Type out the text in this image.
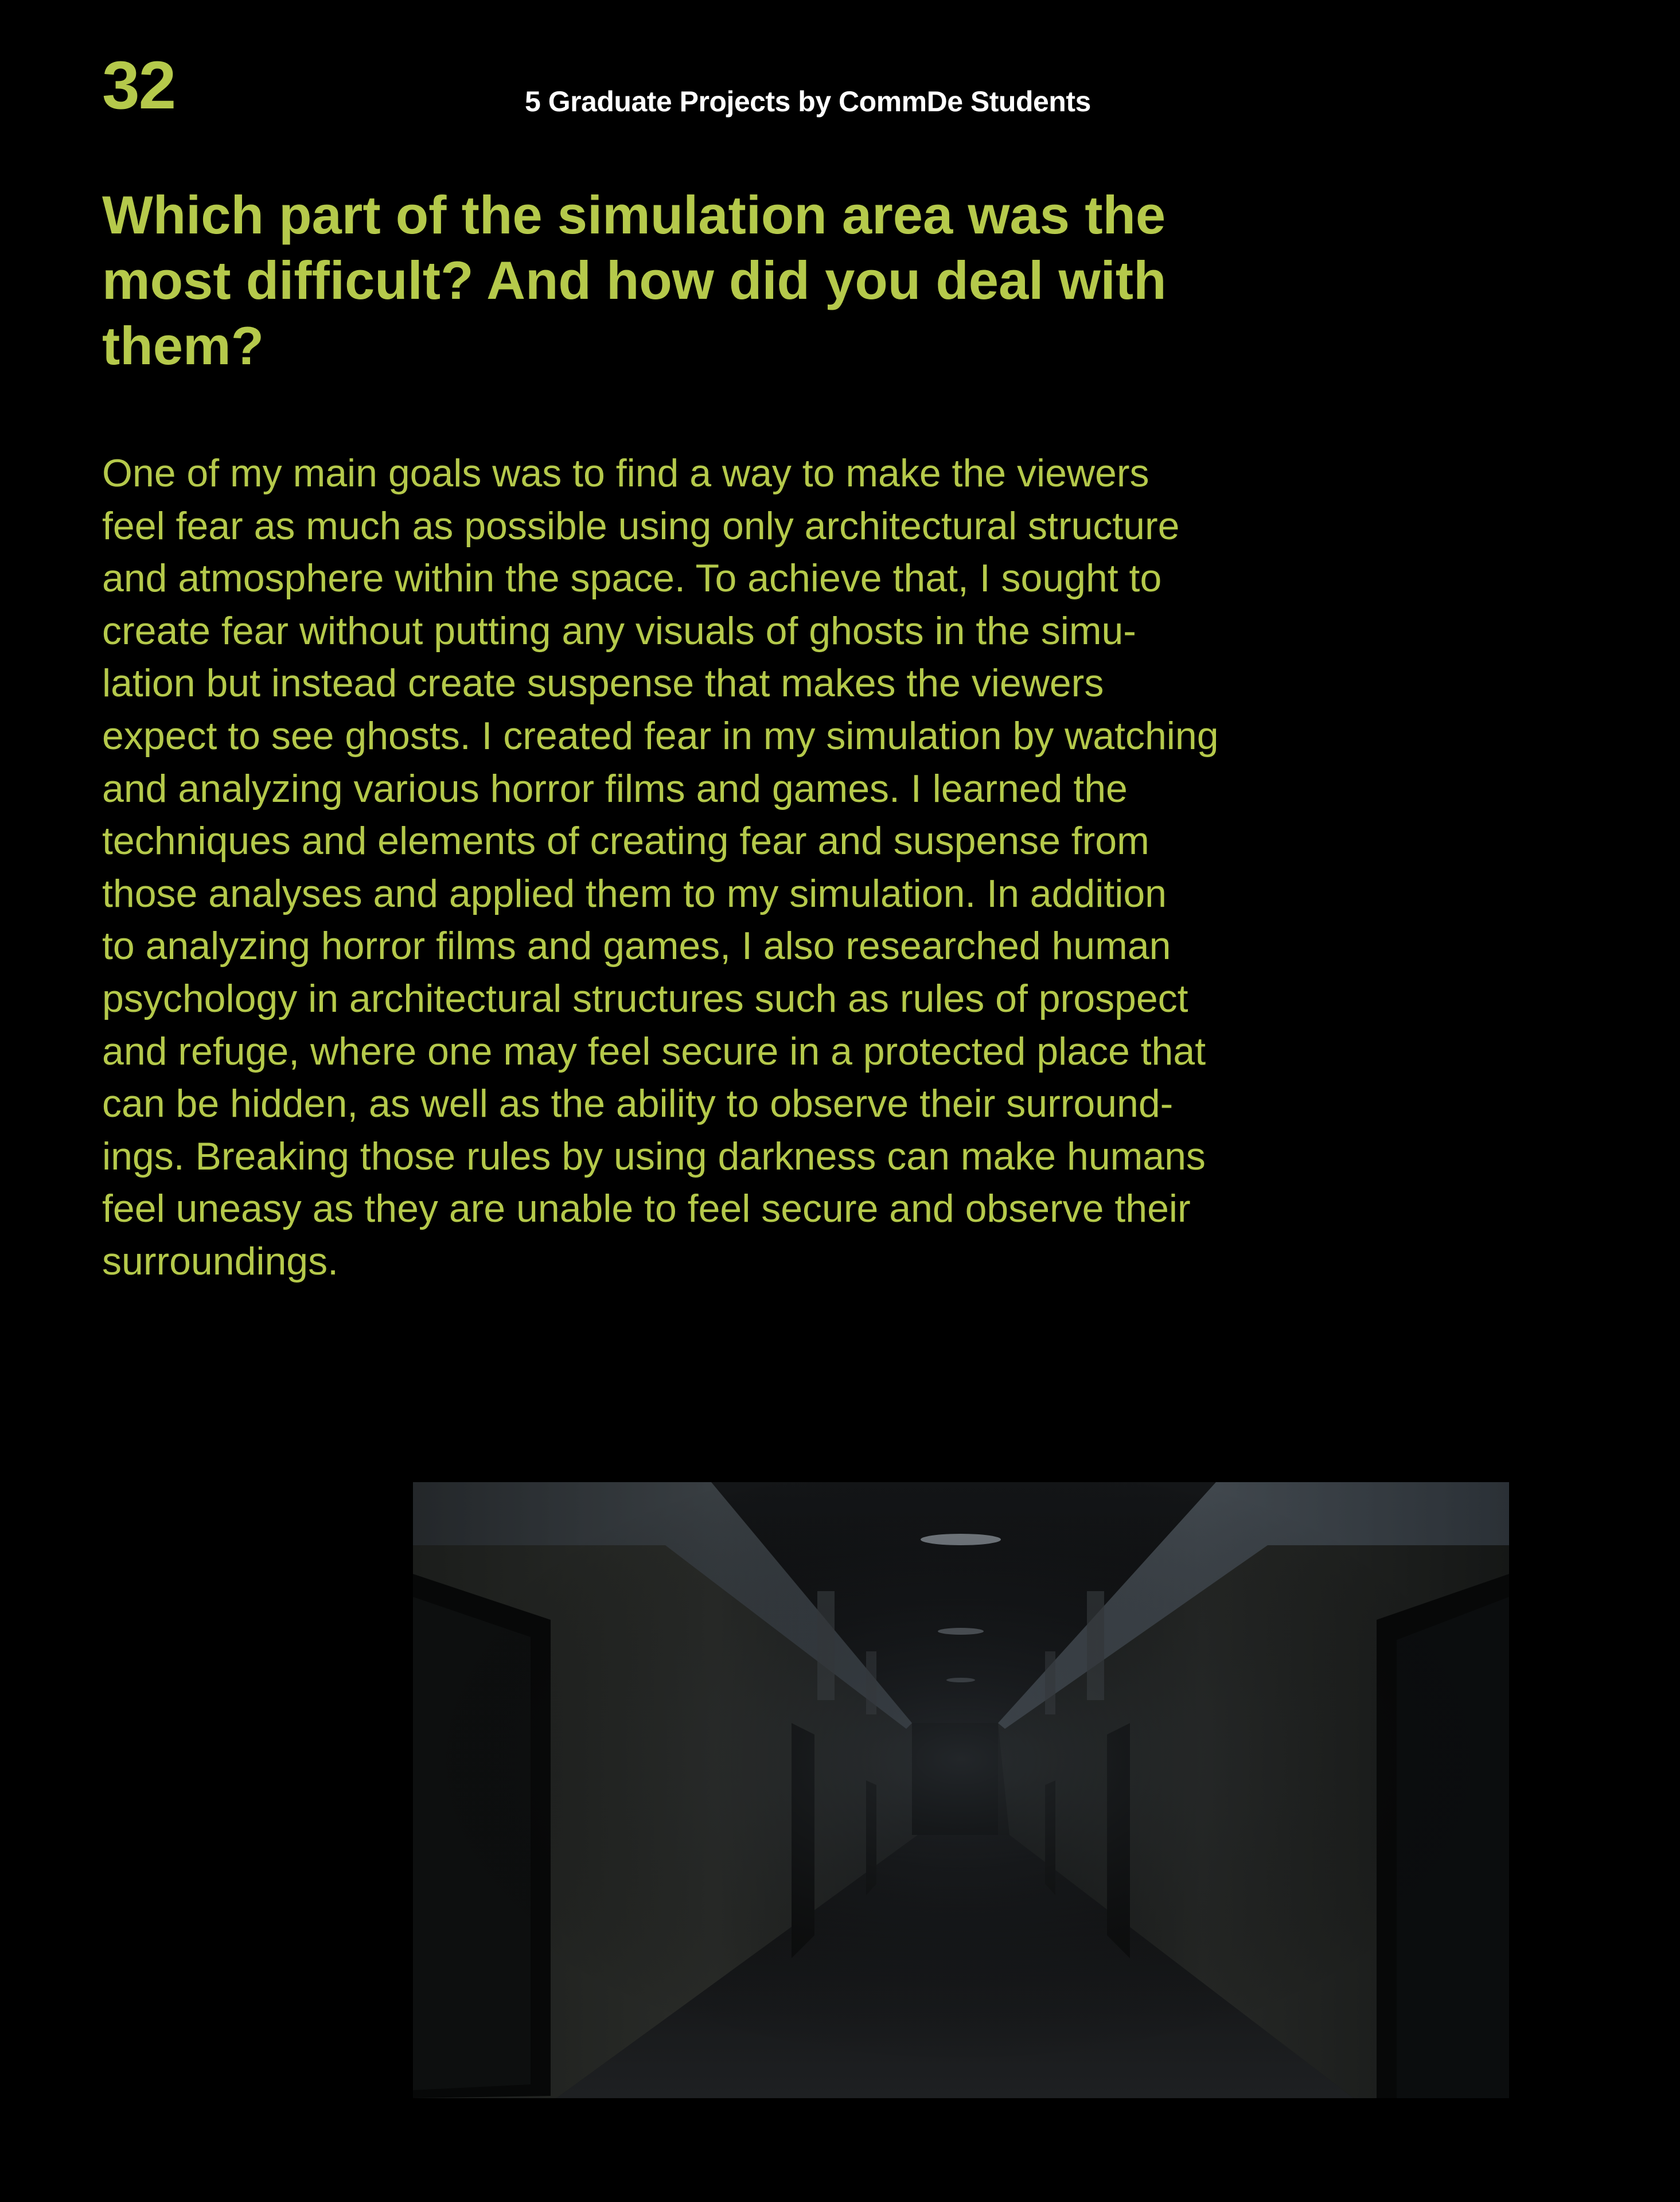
32	5 Graduate Projects by CommDe Students
Which part of the simulation area was the most difficult? And how did you deal with them?

One of my main goals was to find a way to make the viewers
feel fear as much as possible using only architectural structure
and atmosphere within the space. To achieve that, I sought to
create fear without putting any visuals of ghosts in the simu-
lation but instead create suspense that makes the viewers
expect to see ghosts. I created fear in my simulation by watching
and analyzing various horror films and games. I learned the
techniques and elements of creating fear and suspense from
those analyses and applied them to my simulation. In addition
to analyzing horror films and games, I also researched human
psychology in architectural structures such as rules of prospect
and refuge, where one may feel secure in a protected place that
can be hidden, as well as the ability to observe their surround-
ings. Breaking those rules by using darkness can make humans
feel uneasy as they are unable to feel secure and observe their
surroundings.
